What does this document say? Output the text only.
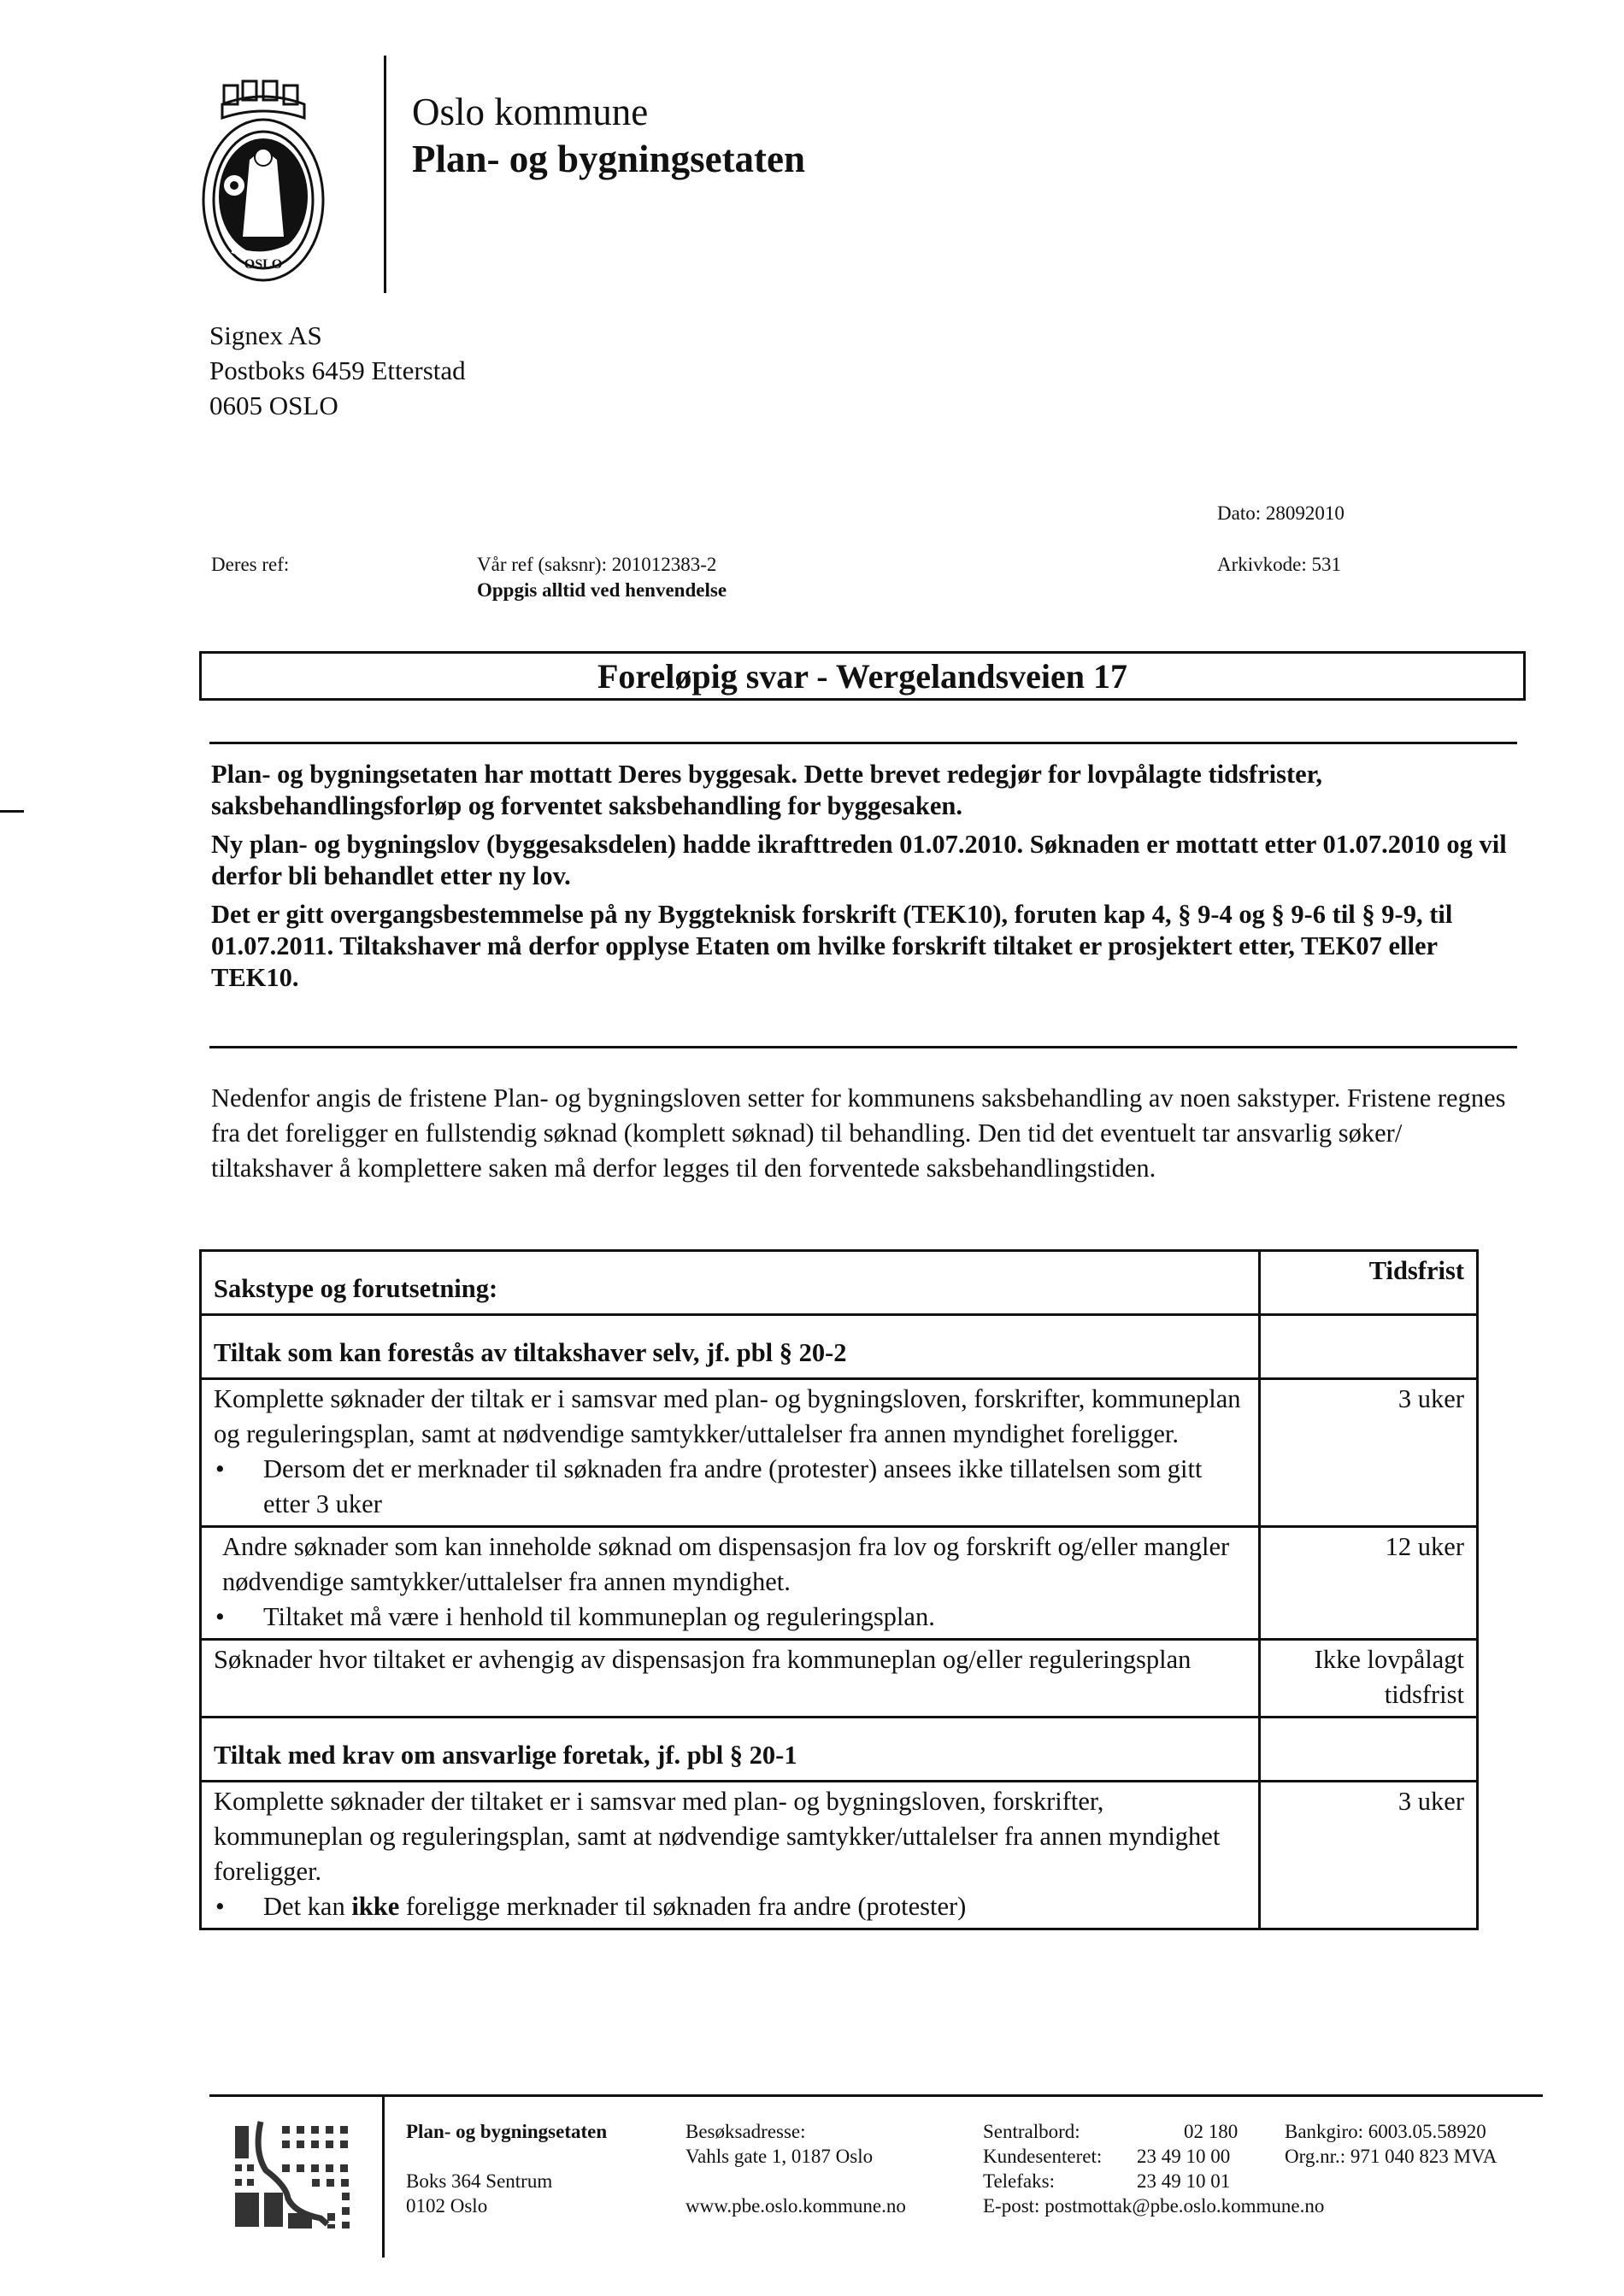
OSLO
Oslo kommune
Plan- og bygningsetaten
Signex AS
Postboks 6459 Etterstad
0605 OSLO
Dato: 28092010
Deres ref:	Vår ref (saksnr): 201012383-2
Oppgis alltid ved henvendelse
Arkivkode: 531
Foreløpig svar - Wergelandsveien 17

Plan- og bygningsetaten har mottatt Deres byggesak. Dette brevet redegjør for lovpålagte tidsfrister, saksbehandlingsforløp og forventet saksbehandling for byggesaken.

Ny plan- og bygningslov (byggesaksdelen) hadde ikrafttreden 01.07.2010. Søknaden er mottatt etter 01.07.2010 og vil derfor bli behandlet etter ny lov.

Det er gitt overgangsbestemmelse på ny Byggteknisk forskrift (TEK10), foruten kap 4, § 9-4 og § 9-6 til § 9-9, til 01.07.2011. Tiltakshaver må derfor opplyse Etaten om hvilke forskrift tiltaket er prosjektert etter, TEK07 eller TEK10.

Nedenfor angis de fristene Plan- og bygningsloven setter for kommunens saksbehandling av noen sakstyper. Fristene regnes fra det foreligger en fullstendig søknad (komplett søknad) til behandling. Den tid det eventuelt tar ansvarlig søker/ tiltakshaver å komplettere saken må derfor legges til den forventede saksbehandlingstiden.
Sakstype og forutsetning:	Tidsfrist
Tiltak som kan forestås av tiltakshaver selv, jf. pbl § 20-2	

Komplette søknader der tiltak er i samsvar med plan- og bygningsloven, forskrifter, kommuneplan og reguleringsplan, samt at nødvendige samtykker/uttalelser fra annen myndighet foreligger.
• Dersom det er merknader til søknaden fra andre (protester) ansees ikke tillatelsen som gitt etter 3 uker	3 uker

Andre søknader som kan inneholde søknad om dispensasjon fra lov og forskrift og/eller mangler nødvendige samtykker/uttalelser fra annen myndighet.
• Tiltaket må være i henhold til kommuneplan og reguleringsplan.	12 uker
Søknader hvor tiltaket er avhengig av dispensasjon fra kommuneplan og/eller reguleringsplan	Ikke lovpålagt
tidsfrist

Tiltak med krav om ansvarlige foretak, jf. pbl § 20-1	

Komplette søknader der tiltaket er i samsvar med plan- og bygningsloven, forskrifter, kommuneplan og reguleringsplan, samt at nødvendige samtykker/uttalelser fra annen myndighet foreligger.
• Det kan ikke foreligge merknader til søknaden fra andre (protester)	3 uker
Plan- og bygningsetaten
Boks 364 Sentrum
0102 Oslo
Besøksadresse:
Vahls gate 1, 0187 Oslo
www.pbe.oslo.kommune.no
Sentralbord:	02 180
Kundesenteret: 23 49 10 00
Telefaks:	23 49 10 01
E-post: postmottak@pbe.oslo.kommune.no
Bankgiro: 6003.05.58920
Org.nr.: 971 040 823 MVA
